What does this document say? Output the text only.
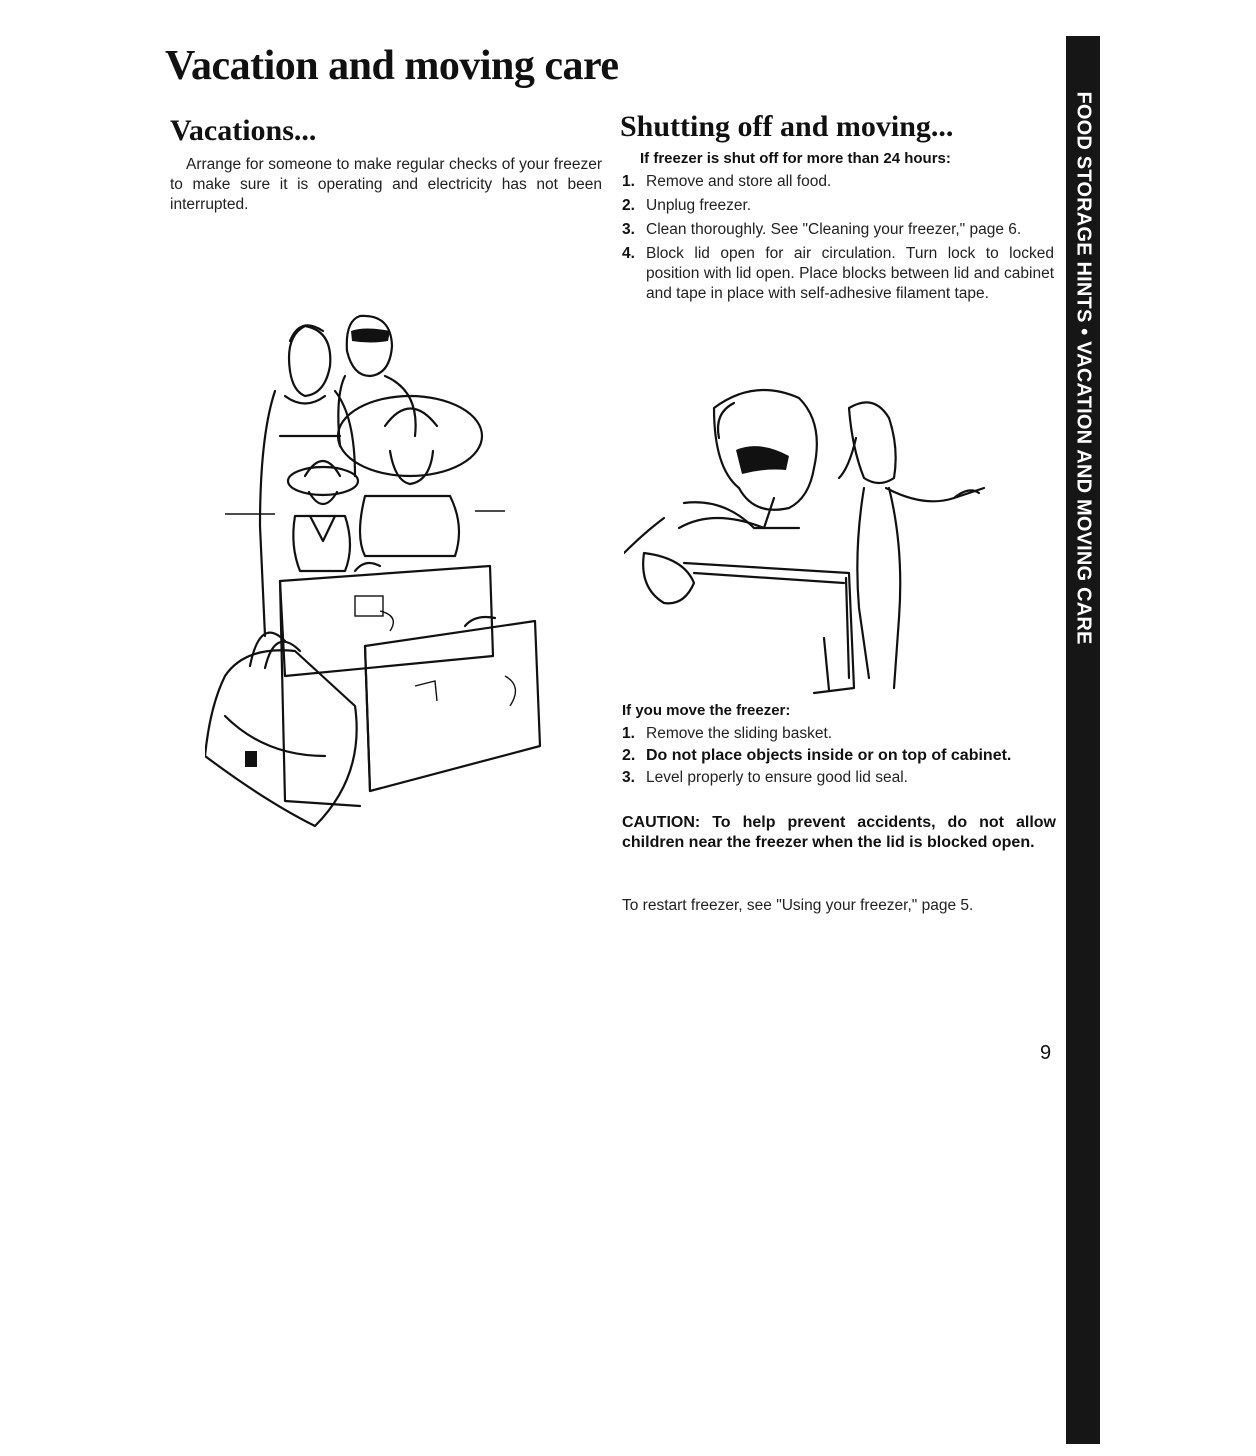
Vacation and moving care
FOOD STORAGE HINTS • VACATION AND MOVING CARE
Vacations...

Arrange for someone to make regular checks of your freezer to make sure it is operating and electricity has not been interrupted.

Shutting off and moving...

If freezer is shut off for more than 24 hours:

1. Remove and store all food.
2. Unplug freezer.
3. Clean thoroughly. See "Cleaning your freezer," page 6.
4. Block lid open for air circulation. Turn lock to locked position with lid open. Place blocks between lid and cabinet and tape in place with self-adhesive filament tape.

If you move the freezer:

1. Remove the sliding basket.
2. Do not place objects inside or on top of cabinet.
3. Level properly to ensure good lid seal.

CAUTION: To help prevent accidents, do not allow children near the freezer when the lid is blocked open.

To restart freezer, see "Using your freezer," page 5.

9
